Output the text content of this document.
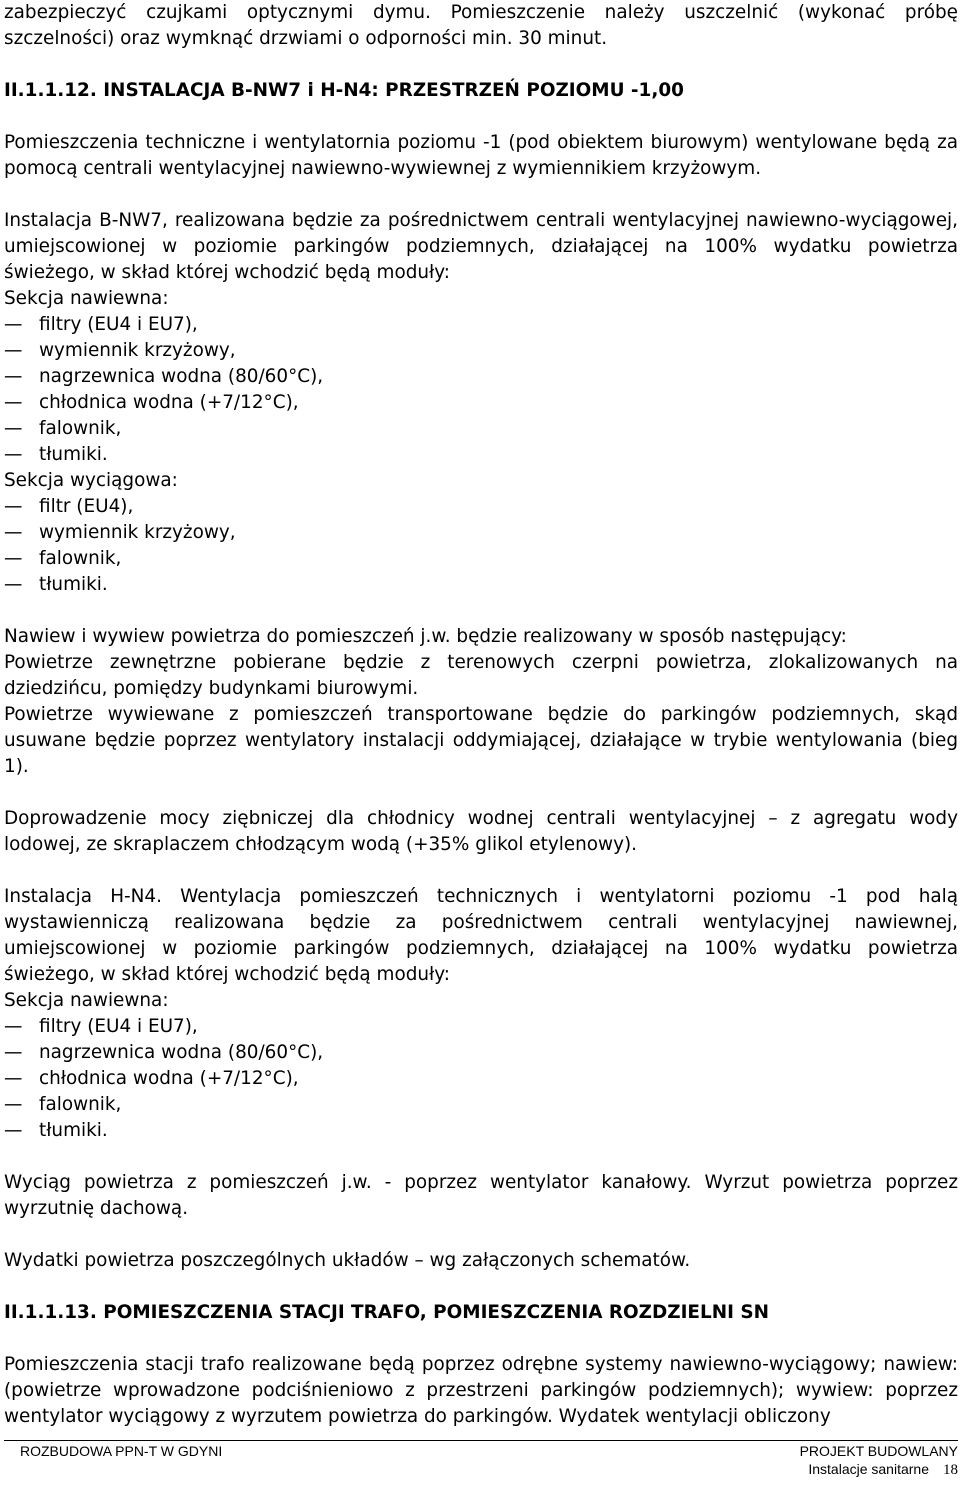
zabezpieczyć czujkami optycznymi dymu. Pomieszczenie należy uszczelnić (wykonać próbę

szczelności) oraz wymknąć drzwiami o odporności min. 30 minut.

II.1.1.12. INSTALACJA B-NW7 i H-N4: PRZESTRZEŃ POZIOMU -1,00

Pomieszczenia techniczne i wentylatornia poziomu -1 (pod obiektem biurowym) wentylowane będą za pomocą centrali wentylacyjnej nawiewno-wywiewnej z wymiennikiem krzyżowym.

Instalacja B-NW7, realizowana będzie za pośrednictwem centrali wentylacyjnej nawiewno-wyciągowej, umiejscowionej w poziomie parkingów podziemnych, działającej na 100% wydatku powietrza świeżego, w skład której wchodzić będą moduły:

Sekcja nawiewna:

— filtry (EU4 i EU7),
— wymiennik krzyżowy,
— nagrzewnica wodna (80/60°C),
— chłodnica wodna (+7/12°C),
— falownik,
— tłumiki.

Sekcja wyciągowa:

— filtr (EU4),
— wymiennik krzyżowy,
— falownik,
— tłumiki.

Nawiew i wywiew powietrza do pomieszczeń j.w. będzie realizowany w sposób następujący:

Powietrze zewnętrzne pobierane będzie z terenowych czerpni powietrza, zlokalizowanych na dziedzińcu, pomiędzy budynkami biurowymi.

Powietrze wywiewane z pomieszczeń transportowane będzie do parkingów podziemnych, skąd usuwane będzie poprzez wentylatory instalacji oddymiającej, działające w trybie wentylowania (bieg 1).

Doprowadzenie mocy ziębniczej dla chłodnicy wodnej centrali wentylacyjnej – z agregatu wody lodowej, ze skraplaczem chłodzącym wodą (+35% glikol etylenowy).

Instalacja H-N4. Wentylacja pomieszczeń technicznych i wentylatorni poziomu -1 pod halą wystawienniczą realizowana będzie za pośrednictwem centrali wentylacyjnej nawiewnej, umiejscowionej w poziomie parkingów podziemnych, działającej na 100% wydatku powietrza świeżego, w skład której wchodzić będą moduły:

Sekcja nawiewna:

— filtry (EU4 i EU7),
— nagrzewnica wodna (80/60°C),
— chłodnica wodna (+7/12°C),
— falownik,
— tłumiki.

Wyciąg powietrza z pomieszczeń j.w. - poprzez wentylator kanałowy. Wyrzut powietrza poprzez wyrzutnię dachową.

Wydatki powietrza poszczególnych układów – wg załączonych schematów.

II.1.1.13. POMIESZCZENIA STACJI TRAFO, POMIESZCZENIA ROZDZIELNI SN

Pomieszczenia stacji trafo realizowane będą poprzez odrębne systemy nawiewno-wyciągowy; nawiew: (powietrze wprowadzone podciśnieniowo z przestrzeni parkingów podziemnych); wywiew: poprzez wentylator wyciągowy z wyrzutem powietrza do parkingów. Wydatek wentylacji obliczony

ROZBUDOWA PPN-T W GDYNI	PROJEKT BUDOWLANY
Instalacje sanitarne 18
